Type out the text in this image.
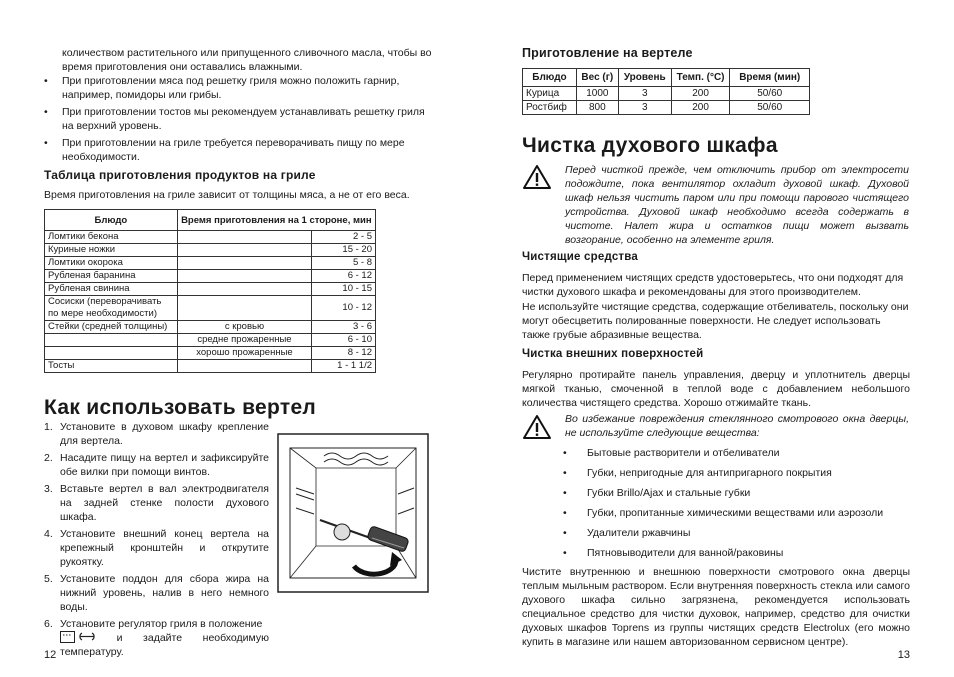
количеством растительного или припущенного сливочного масла, чтобы во время приготовления они оставались влажными.

• При приготовлении мяса под решетку гриля можно положить гарнир, например, помидоры или грибы.
• При приготовлении тостов мы рекомендуем устанавливать решетку гриля на верхний уровень.
• При приготовлении на гриле требуется переворачивать пищу по мере необходимости.

Таблица приготовления продуктов на гриле

Время приготовления на гриле зависит от толщины мяса, а не от его веса.

Блюдо	Время приготовления на 1 стороне, мин	
Ломтики бекона		2 - 5
Куриные ножки		15 - 20
Ломтики окорока		5 - 8
Рубленая баранина		6 - 12
Рубленая свинина		10 - 15
Сосиски (переворачивать по мере необходимости)		10 - 12
Стейки (средней толщины)	с кровью	3 - 6
	средне прожаренные	6 - 10
	хорошо прожаренные	8 - 12
Тосты		1 - 1 1/2

Как использовать вертел

1. Установите в духовом шкафу крепление для вертела.
2. Насадите пищу на вертел и зафиксируйте обе вилки при помощи винтов.
3. Вставьте вертел в вал электродвигателя на задней стенке полости духового шкафа.
4. Установите внешний конец вертела на крепежный кронштейн и открутите рукоятку.
5. Установите поддон для сбора жира на нижний уровень, налив в него немного воды.
6. Установите регулятор гриля в положение
и задайте необходимую температуру.
12

Приготовление на вертеле

Блюдо	Вес (г)	Уровень	Темп. (°С)	Время (мин)
Курица	1000	3	200	50/60
Ростбиф	800	3	200	50/60

Чистка духового шкафа

Перед чисткой прежде, чем отключить прибор от электросети подождите, пока вентилятор охладит духовой шкаф. Духовой шкаф нельзя чистить паром или при помощи парового чистящего устройства. Духовой шкаф необходимо всегда содержать в чистоте. Налет жира и остатков пищи может вызвать возгорание, особенно на элементе гриля.

Чистящие средства

Перед применением чистящих средств удостоверьтесь, что они подходят для чистки духового шкафа и рекомендованы для этого производителем.

Не используйте чистящие средства, содержащие отбеливатель, поскольку они могут обесцветить полированные поверхности. Не следует использовать также грубые абразивные вещества.

Чистка внешних поверхностей

Регулярно протирайте панель управления, дверцу и уплотнитель дверцы мягкой тканью, смоченной в теплой воде с добавлением небольшого количества чистящего средства. Хорошо отжимайте ткань.

Во избежание повреждения стеклянного смотрового окна дверцы, не используйте следующие вещества:

• Бытовые растворители и отбеливатели
• Губки, непригодные для антипригарного покрытия
• Губки Brillo/Ajax и стальные губки
• Губки, пропитанные химическими веществами или аэрозоли
• Удалители ржавчины
• Пятновыводители для ванной/раковины

Чистите внутреннюю и внешнюю поверхности смотрового окна дверцы теплым мыльным раствором. Если внутренняя поверхность стекла или самого духового шкафа сильно загрязнена, рекомендуется использовать специальное средство для чистки духовок, например, средство для очистки духовых шкафов Toprens из группы чистящих средств Electrolux (его можно купить в магазине или нашем авторизованном сервисном центре).

13
